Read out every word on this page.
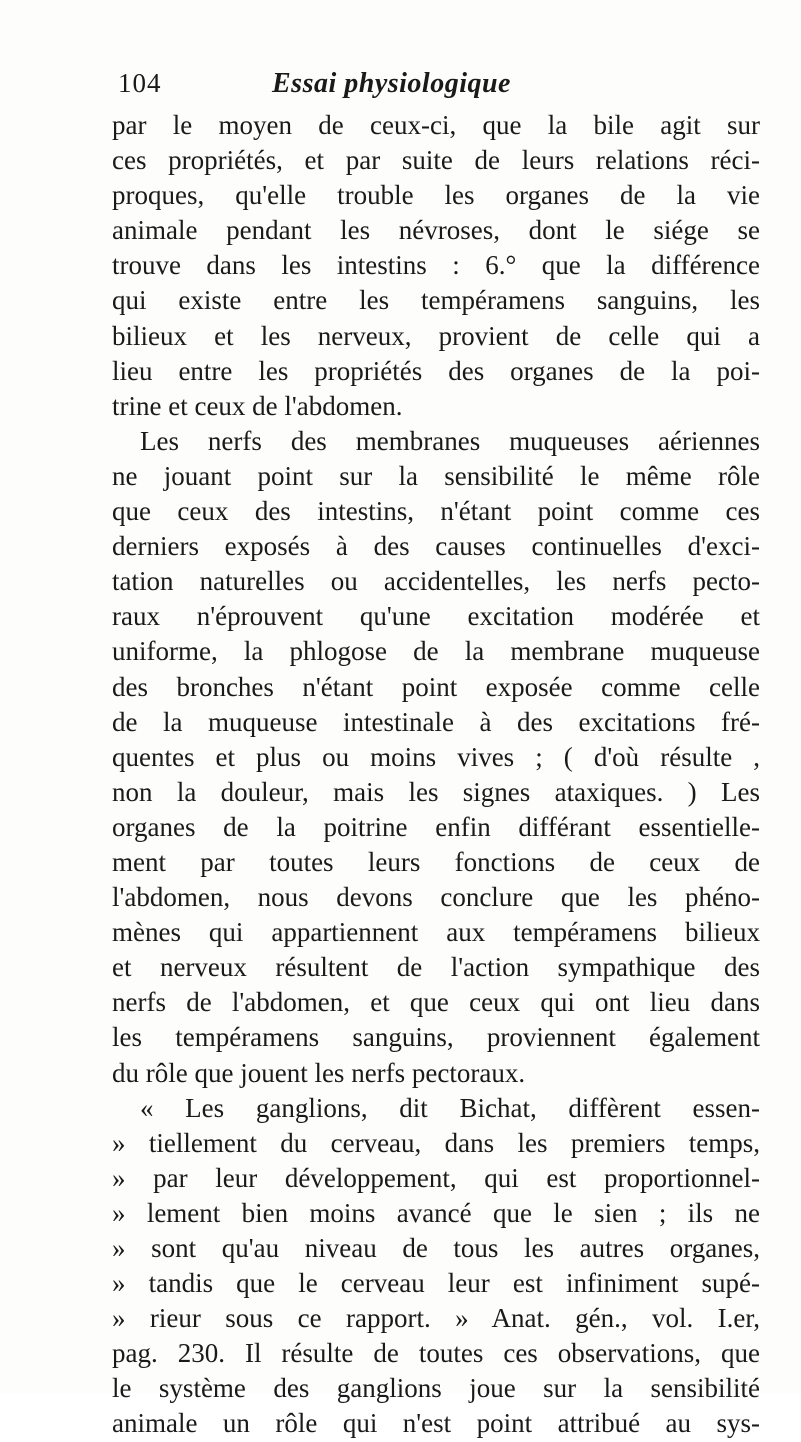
104	Essai physiologique
par le moyen de ceux-ci, que la bile agit sur
ces propriétés, et par suite de leurs relations réci-
proques, qu'elle trouble les organes de la vie
animale pendant les névroses, dont le siége se
trouve dans les intestins : 6.° que la différence
qui existe entre les tempéramens sanguins, les
bilieux et les nerveux, provient de celle qui a
lieu entre les propriétés des organes de la poi-
trine et ceux de l'abdomen.
Les nerfs des membranes muqueuses aériennes
ne jouant point sur la sensibilité le même rôle
que ceux des intestins, n'étant point comme ces
derniers exposés à des causes continuelles d'exci-
tation naturelles ou accidentelles, les nerfs pecto-
raux n'éprouvent qu'une excitation modérée et
uniforme, la phlogose de la membrane muqueuse
des bronches n'étant point exposée comme celle
de la muqueuse intestinale à des excitations fré-
quentes et plus ou moins vives ; ( d'où résulte ,
non la douleur, mais les signes ataxiques. ) Les
organes de la poitrine enfin différant essentielle-
ment par toutes leurs fonctions de ceux de
l'abdomen, nous devons conclure que les phéno-
mènes qui appartiennent aux tempéramens bilieux
et nerveux résultent de l'action sympathique des
nerfs de l'abdomen, et que ceux qui ont lieu dans
les tempéramens sanguins, proviennent également
du rôle que jouent les nerfs pectoraux.
« Les ganglions, dit Bichat, diffèrent essen-
» tiellement du cerveau, dans les premiers temps,
» par leur développement, qui est proportionnel-
» lement bien moins avancé que le sien ; ils ne
» sont qu'au niveau de tous les autres organes,
» tandis que le cerveau leur est infiniment supé-
» rieur sous ce rapport. » Anat. gén., vol. I.er,
pag. 230. Il résulte de toutes ces observations, que
le système des ganglions joue sur la sensibilité
animale un rôle qui n'est point attribué au sys-
